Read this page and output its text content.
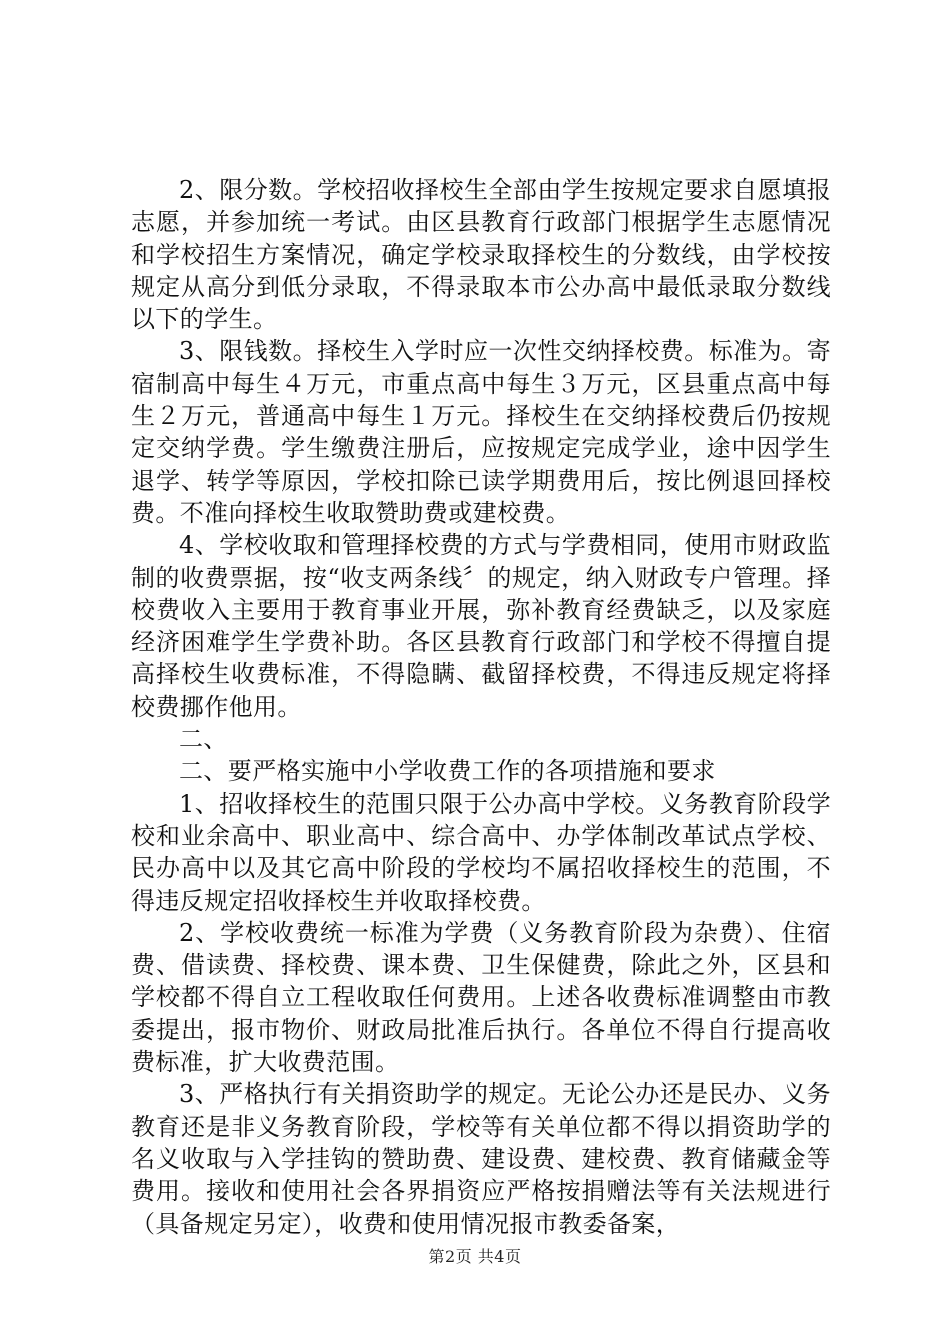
2、限分数。学校招收择校生全部由学生按规定要求自愿填报志愿，并参加统一考试。由区县教育行政部门根据学生志愿情况和学校招生方案情况，确定学校录取择校生的分数线，由学校按规定从高分到低分录取，不得录取本市公办高中最低录取分数线以下的学生。

3、限钱数。择校生入学时应一次性交纳择校费。标准为。寄宿制高中每生４万元，市重点高中每生３万元，区县重点高中每生２万元，普通高中每生１万元。择校生在交纳择校费后仍按规定交纳学费。学生缴费注册后，应按规定完成学业，途中因学生退学、转学等原因，学校扣除已读学期费用后，按比例退回择校费。不准向择校生收取赞助费或建校费。

4、学校收取和管理择校费的方式与学费相同，使用市财政监制的收费票据，按“收支两条线〞的规定，纳入财政专户管理。择校费收入主要用于教育事业开展，弥补教育经费缺乏，以及家庭经济困难学生学费补助。各区县教育行政部门和学校不得擅自提高择校生收费标准，不得隐瞒、截留择校费，不得违反规定将择校费挪作他用。

二、

二、要严格实施中小学收费工作的各项措施和要求

1、招收择校生的范围只限于公办高中学校。义务教育阶段学校和业余高中、职业高中、综合高中、办学体制改革试点学校、民办高中以及其它高中阶段的学校均不属招收择校生的范围，不得违反规定招收择校生并收取择校费。

2、学校收费统一标准为学费（义务教育阶段为杂费）、住宿费、借读费、择校费、课本费、卫生保健费，除此之外，区县和学校都不得自立工程收取任何费用。上述各收费标准调整由市教委提出，报市物价、财政局批准后执行。各单位不得自行提高收费标准，扩大收费范围。

3、严格执行有关捐资助学的规定。无论公办还是民办、义务教育还是非义务教育阶段，学校等有关单位都不得以捐资助学的名义收取与入学挂钩的赞助费、建设费、建校费、教育储藏金等费用。接收和使用社会各界捐资应严格按捐赠法等有关法规进行（具备规定另定），收费和使用情况报市教委备案，

第2页 共4页
